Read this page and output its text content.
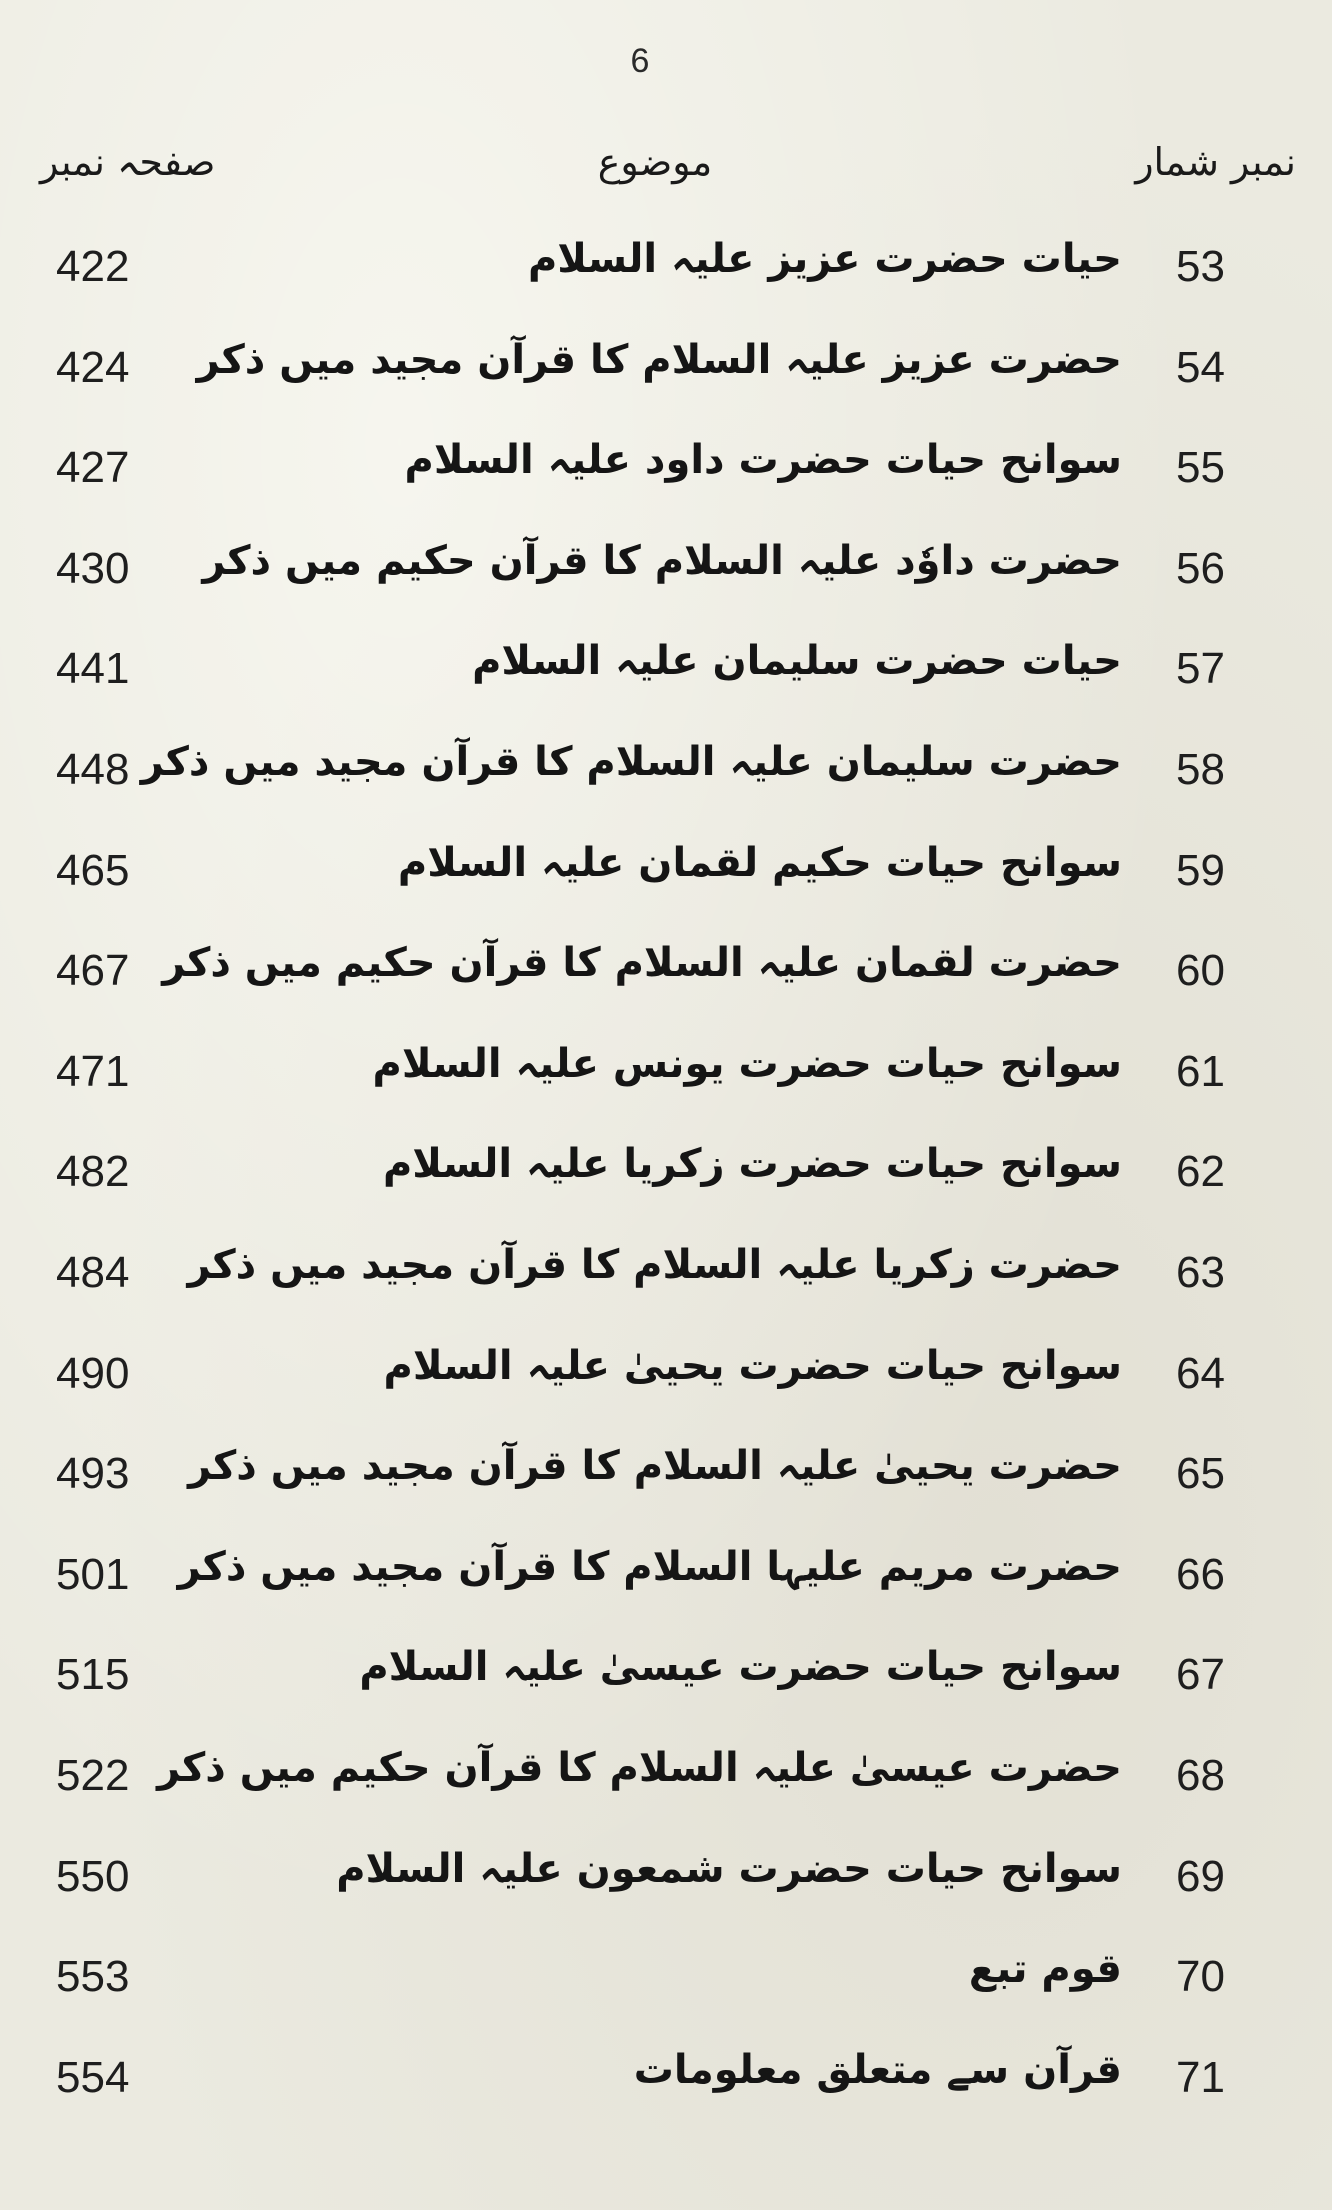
6
نمبر شمار
موضوع
صفحہ نمبر
53
حیات حضرت عزیز علیہ السلام
422
54
حضرت عزیز علیہ السلام کا قرآن مجید میں ذکر
424
55
سوانح حیات حضرت داود علیہ السلام
427
56
حضرت داوٗد علیہ السلام کا قرآن حکیم میں ذکر
430
57
حیات حضرت سلیمان علیہ السلام
441
58
حضرت سلیمان علیہ السلام کا قرآن مجید میں ذکر
448
59
سوانح حیات حکیم لقمان علیہ السلام
465
60
حضرت لقمان علیہ السلام کا قرآن حکیم میں ذکر
467
61
سوانح حیات حضرت یونس علیہ السلام
471
62
سوانح حیات حضرت زکریا علیہ السلام
482
63
حضرت زکریا علیہ السلام کا قرآن مجید میں ذکر
484
64
سوانح حیات حضرت یحییٰ علیہ السلام
490
65
حضرت یحییٰ علیہ السلام کا قرآن مجید میں ذکر
493
66
حضرت مریم علیہا السلام کا قرآن مجید میں ذکر
501
67
سوانح حیات حضرت عیسیٰ علیہ السلام
515
68
حضرت عیسیٰ علیہ السلام کا قرآن حکیم میں ذکر
522
69
سوانح حیات حضرت شمعون علیہ السلام
550
70
قوم تبع
553
71
قرآن سے متعلق معلومات
554
